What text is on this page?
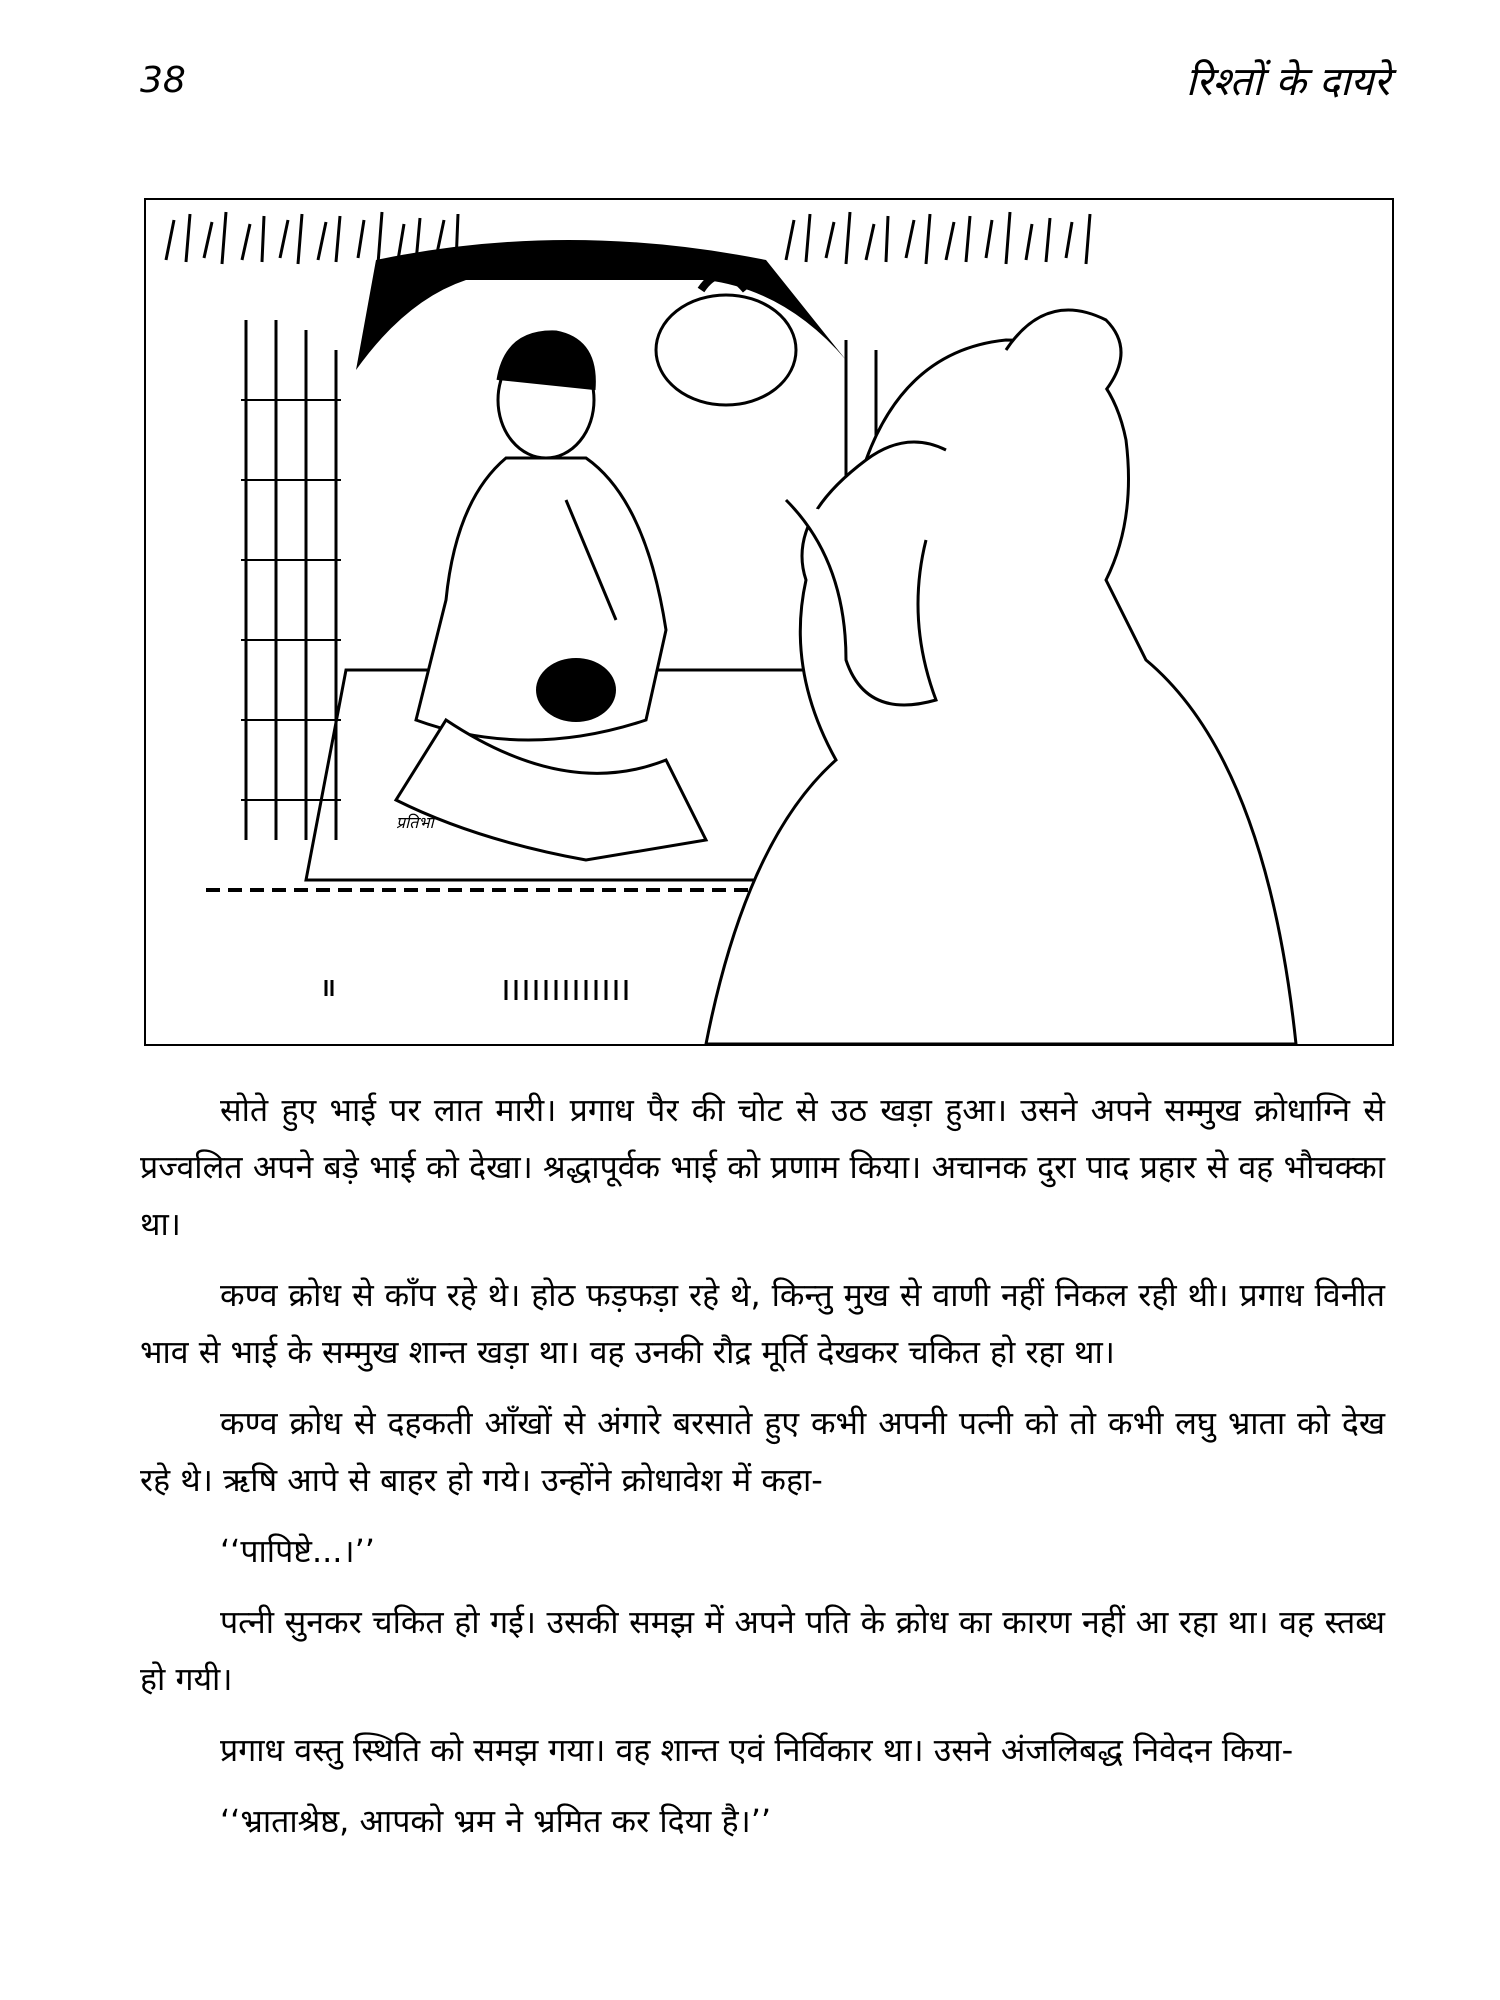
38	रिश्तों के दायरे
प्रतिभा

सोते हुए भाई पर लात मारी। प्रगाध पैर की चोट से उठ खड़ा हुआ। उसने अपने सम्मुख क्रोधाग्नि से प्रज्वलित अपने बड़े भाई को देखा। श्रद्धापूर्वक भाई को प्रणाम किया। अचानक दुरा पाद प्रहार से वह भौचक्का था।

कण्व क्रोध से काँप रहे थे। होठ फड़फड़ा रहे थे, किन्तु मुख से वाणी नहीं निकल रही थी। प्रगाध विनीत भाव से भाई के सम्मुख शान्त खड़ा था। वह उनकी रौद्र मूर्ति देखकर चकित हो रहा था।

कण्व क्रोध से दहकती आँखों से अंगारे बरसाते हुए कभी अपनी पत्नी को तो कभी लघु भ्राता को देख रहे थे। ऋषि आपे से बाहर हो गये। उन्होंने क्रोधावेश में कहा-

‘‘पापिष्टे...।’’

पत्नी सुनकर चकित हो गई। उसकी समझ में अपने पति के क्रोध का कारण नहीं आ रहा था। वह स्तब्ध हो गयी।

प्रगाध वस्तु स्थिति को समझ गया। वह शान्त एवं निर्विकार था। उसने अंजलिबद्ध निवेदन किया-

‘‘भ्राताश्रेष्ठ, आपको भ्रम ने भ्रमित कर दिया है।’’
